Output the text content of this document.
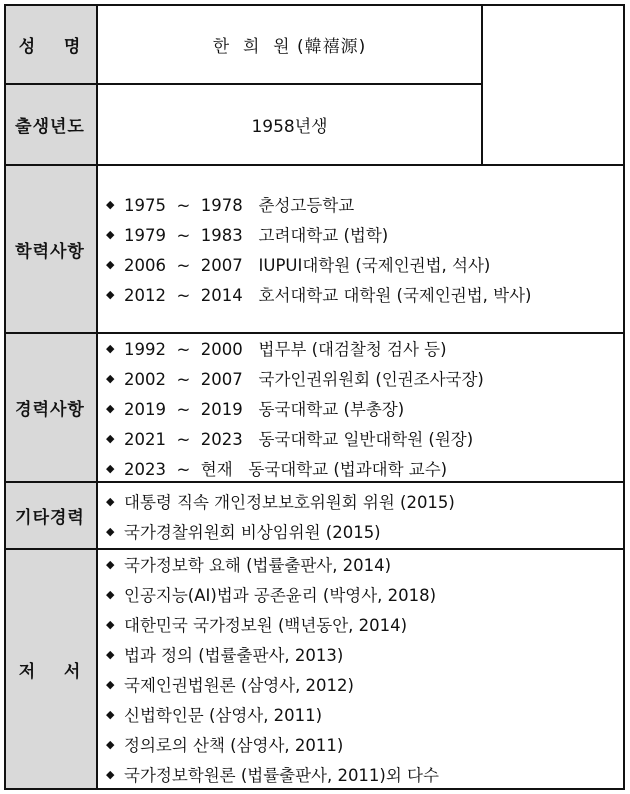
성    명
출생년도
학력사항
경력사항
기타경력
저    서
한  희  원 (韓禧源)
1958년생
◆ 1975  ~  1978   춘성고등학교
◆ 1979  ~  1983   고려대학교 (법학)
◆ 2006  ~  2007   IUPUI대학원 (국제인권법, 석사)
◆ 2012  ~  2014   호서대학교 대학원 (국제인권법, 박사)
◆ 1992  ~  2000   법무부 (대검찰청 검사 등)
◆ 2002  ~  2007   국가인권위원회 (인권조사국장)
◆ 2019  ~  2019   동국대학교 (부총장)
◆ 2021  ~  2023   동국대학교 일반대학원 (원장)
◆ 2023  ~  현재   동국대학교 (법과대학 교수)
◆ 대통령 직속 개인정보보호위원회 위원 (2015)
◆ 국가경찰위원회 비상임위원 (2015)
◆ 국가정보학 요해 (법률출판사, 2014)
◆ 인공지능(AI)법과 공존윤리 (박영사, 2018)
◆ 대한민국 국가정보원 (백년동안, 2014)
◆ 법과 정의 (법률출판사, 2013)
◆ 국제인권법원론 (삼영사, 2012)
◆ 신법학인문 (삼영사, 2011)
◆ 정의로의 산책 (삼영사, 2011)
◆ 국가정보학원론 (법률출판사, 2011)외 다수
